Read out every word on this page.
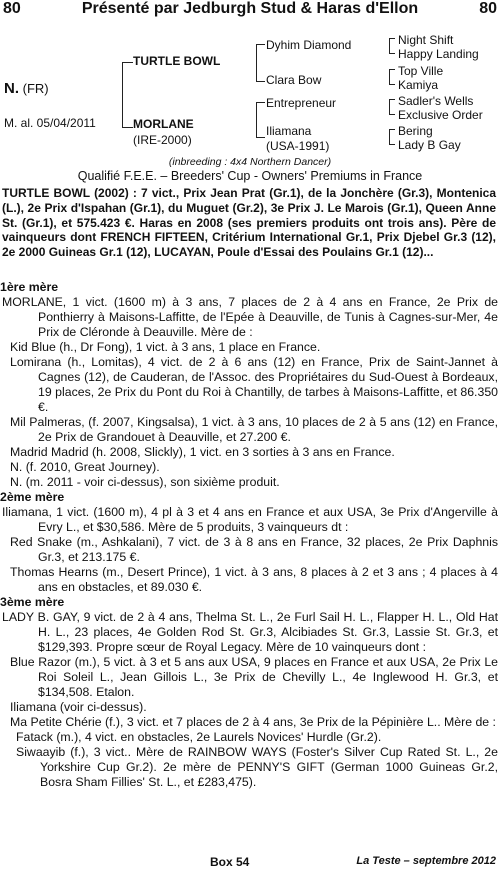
80	Présenté par Jedburgh Stud & Haras d'Ellon	80
N. (FR)
M. al. 05/04/2011
TURTLE BOWL
MORLANE
(IRE-2000)
Dyhim Diamond
Clara Bow
Entrepreneur
Iliamana
(USA-1991)
Night Shift
Happy Landing
Top Ville
Kamiya
Sadler's Wells
Exclusive Order
Bering
Lady B Gay
(inbreeding : 4x4 Northern Dancer)
Qualifié F.E.E. – Breeders' Cup - Owners' Premiums in France
TURTLE BOWL (2002) : 7 vict., Prix Jean Prat (Gr.1), de la Jonchère (Gr.3), Montenica (L.), 2e Prix d'Ispahan (Gr.1), du Muguet (Gr.2), 3e Prix J. Le Marois (Gr.1), Queen Anne St. (Gr.1), et 575.423 €. Haras en 2008 (ses premiers produits ont trois ans). Père de vainqueurs dont FRENCH FIFTEEN, Critérium International Gr.1, Prix Djebel Gr.3 (12), 2e 2000 Guineas Gr.1 (12), LUCAYAN, Poule d'Essai des Poulains Gr.1 (12)...

1ère mère

MORLANE, 1 vict. (1600 m) à 3 ans, 7 places de 2 à 4 ans en France, 2e Prix de Ponthierry à Maisons-Laffitte, de l'Epée à Deauville, de Tunis à Cagnes-sur-Mer, 4e Prix de Cléronde à Deauville. Mère de :

Kid Blue (h., Dr Fong), 1 vict. à 3 ans, 1 place en France.

Lomirana (h., Lomitas), 4 vict. de 2 à 6 ans (12) en France, Prix de Saint-Jannet à Cagnes (12), de Cauderan, de l'Assoc. des Propriétaires du Sud-Ouest à Bordeaux, 19 places, 2e Prix du Pont du Roi à Chantilly, de tarbes à Maisons-Laffitte, et 86.350 €.

Mil Palmeras, (f. 2007, Kingsalsa), 1 vict. à 3 ans, 10 places de 2 à 5 ans (12) en France, 2e Prix de Grandouet à Deauville, et 27.200 €.

Madrid Madrid (h. 2008, Slickly), 1 vict. en 3 sorties à 3 ans en France.

N. (f. 2010, Great Journey).

N. (m. 2011 - voir ci-dessus), son sixième produit.

2ème mère

Iliamana, 1 vict. (1600 m), 4 pl à 3 et 4 ans en France et aux USA, 3e Prix d'Angerville à Evry L., et $30,586. Mère de 5 produits, 3 vainqueurs dt :

Red Snake (m., Ashkalani), 7 vict. de 3 à 8 ans en France, 32 places, 2e Prix Daphnis Gr.3, et 213.175 €.

Thomas Hearns (m., Desert Prince), 1 vict. à 3 ans, 8 places à 2 et 3 ans ; 4 places à 4 ans en obstacles, et 89.030 €.

3ème mère

LADY B. GAY, 9 vict. de 2 à 4 ans, Thelma St. L., 2e Furl Sail H. L., Flapper H. L., Old Hat H. L., 23 places, 4e Golden Rod St. Gr.3, Alcibiades St. Gr.3, Lassie St. Gr.3, et $129,393. Propre sœur de Royal Legacy. Mère de 10 vainqueurs dont :

Blue Razor (m.), 5 vict. à 3 et 5 ans aux USA, 9 places en France et aux USA, 2e Prix Le Roi Soleil L., Jean Gillois L., 3e Prix de Chevilly L., 4e Inglewood H. Gr.3, et $134,508. Etalon.

Iliamana (voir ci-dessus).

Ma Petite Chérie (f.), 3 vict. et 7 places de 2 à 4 ans, 3e Prix de la Pépinière L.. Mère de :

Fatack (m.), 4 vict. en obstacles, 2e Laurels Novices' Hurdle (Gr.2).

Siwaayib (f.), 3 vict.. Mère de RAINBOW WAYS (Foster's Silver Cup Rated St. L., 2e Yorkshire Cup Gr.2). 2e mère de PENNY'S GIFT (German 1000 Guineas Gr.2, Bosra Sham Fillies' St. L., et £283,475).

Box 54	La Teste – septembre 2012
